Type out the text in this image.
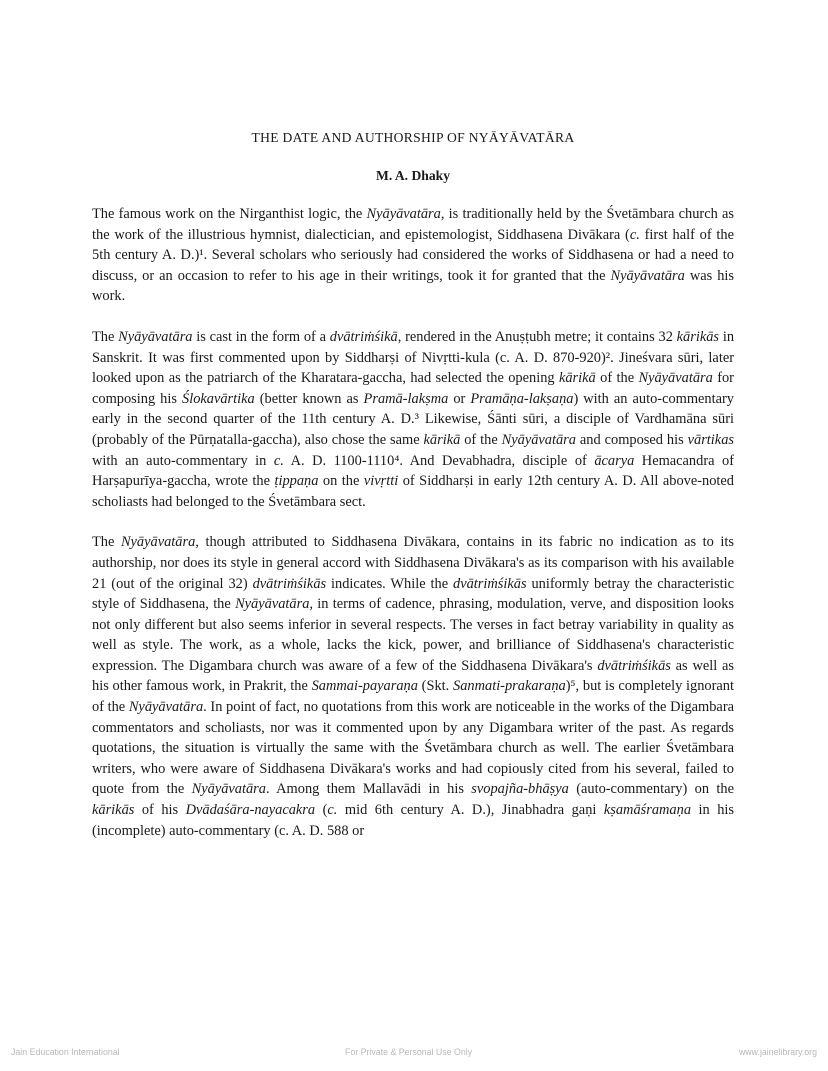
THE DATE AND AUTHORSHIP OF NYĀYĀVATĀRA
M. A. Dhaky

The famous work on the Nirganthist logic, the Nyāyāvatāra, is traditionally held by the Śvetāmbara church as the work of the illustrious hymnist, dialectician, and epistemologist, Siddhasena Divākara (c. first half of the 5th century A. D.)¹. Several scholars who seriously had considered the works of Siddhasena or had a need to discuss, or an occasion to refer to his age in their writings, took it for granted that the Nyāyāvatāra was his work.

The Nyāyāvatāra is cast in the form of a dvātriṁśikā, rendered in the Anuṣṭubh metre; it contains 32 kārikās in Sanskrit. It was first commented upon by Siddharṣi of Nivṛtti-kula (c. A. D. 870-920)². Jineśvara sūri, later looked upon as the patriarch of the Kharatara-gaccha, had selected the opening kārikā of the Nyāyāvatāra for composing his Ślokavārtika (better known as Pramā-lakṣma or Pramāṇa-lakṣaṇa) with an auto-commentary early in the second quarter of the 11th century A. D.³ Likewise, Śānti sūri, a disciple of Vardhamāna sūri (probably of the Pūrṇatalla-gaccha), also chose the same kārikā of the Nyāyāvatāra and composed his vārtikas with an auto-commentary in c. A. D. 1100-1110⁴. And Devabhadra, disciple of ācarya Hemacandra of Harṣapurīya-gaccha, wrote the ṭippaṇa on the vivṛtti of Siddharṣi in early 12th century A. D. All above-noted scholiasts had belonged to the Śvetāmbara sect.

The Nyāyāvatāra, though attributed to Siddhasena Divākara, contains in its fabric no indication as to its authorship, nor does its style in general accord with Siddhasena Divākara's as its comparison with his available 21 (out of the original 32) dvātriṁśikās indicates. While the dvātriṁśikās uniformly betray the characteristic style of Siddhasena, the Nyāyāvatāra, in terms of cadence, phrasing, modulation, verve, and disposition looks not only different but also seems inferior in several respects. The verses in fact betray variability in quality as well as style. The work, as a whole, lacks the kick, power, and brilliance of Siddhasena's characteristic expression. The Digambara church was aware of a few of the Siddhasena Divākara's dvātriṁśikās as well as his other famous work, in Prakrit, the Sammai-payaraṇa (Skt. Sanmati-prakaraṇa)⁵, but is completely ignorant of the Nyāyāvatāra. In point of fact, no quotations from this work are noticeable in the works of the Digambara commentators and scholiasts, nor was it commented upon by any Digambara writer of the past. As regards quotations, the situation is virtually the same with the Śvetāmbara church as well. The earlier Śvetāmbara writers, who were aware of Siddhasena Divākara's works and had copiously cited from his several, failed to quote from the Nyāyāvatāra. Among them Mallavādi in his svopajña-bhāṣya (auto-commentary) on the kārikās of his Dvādaśāra-nayacakra (c. mid 6th century A. D.), Jinabhadra gaṇi kṣamāśramaṇa in his (incomplete) auto-commentary (c. A. D. 588 or

Jain Education International	For Private & Personal Use Only	www.jainelibrary.org
